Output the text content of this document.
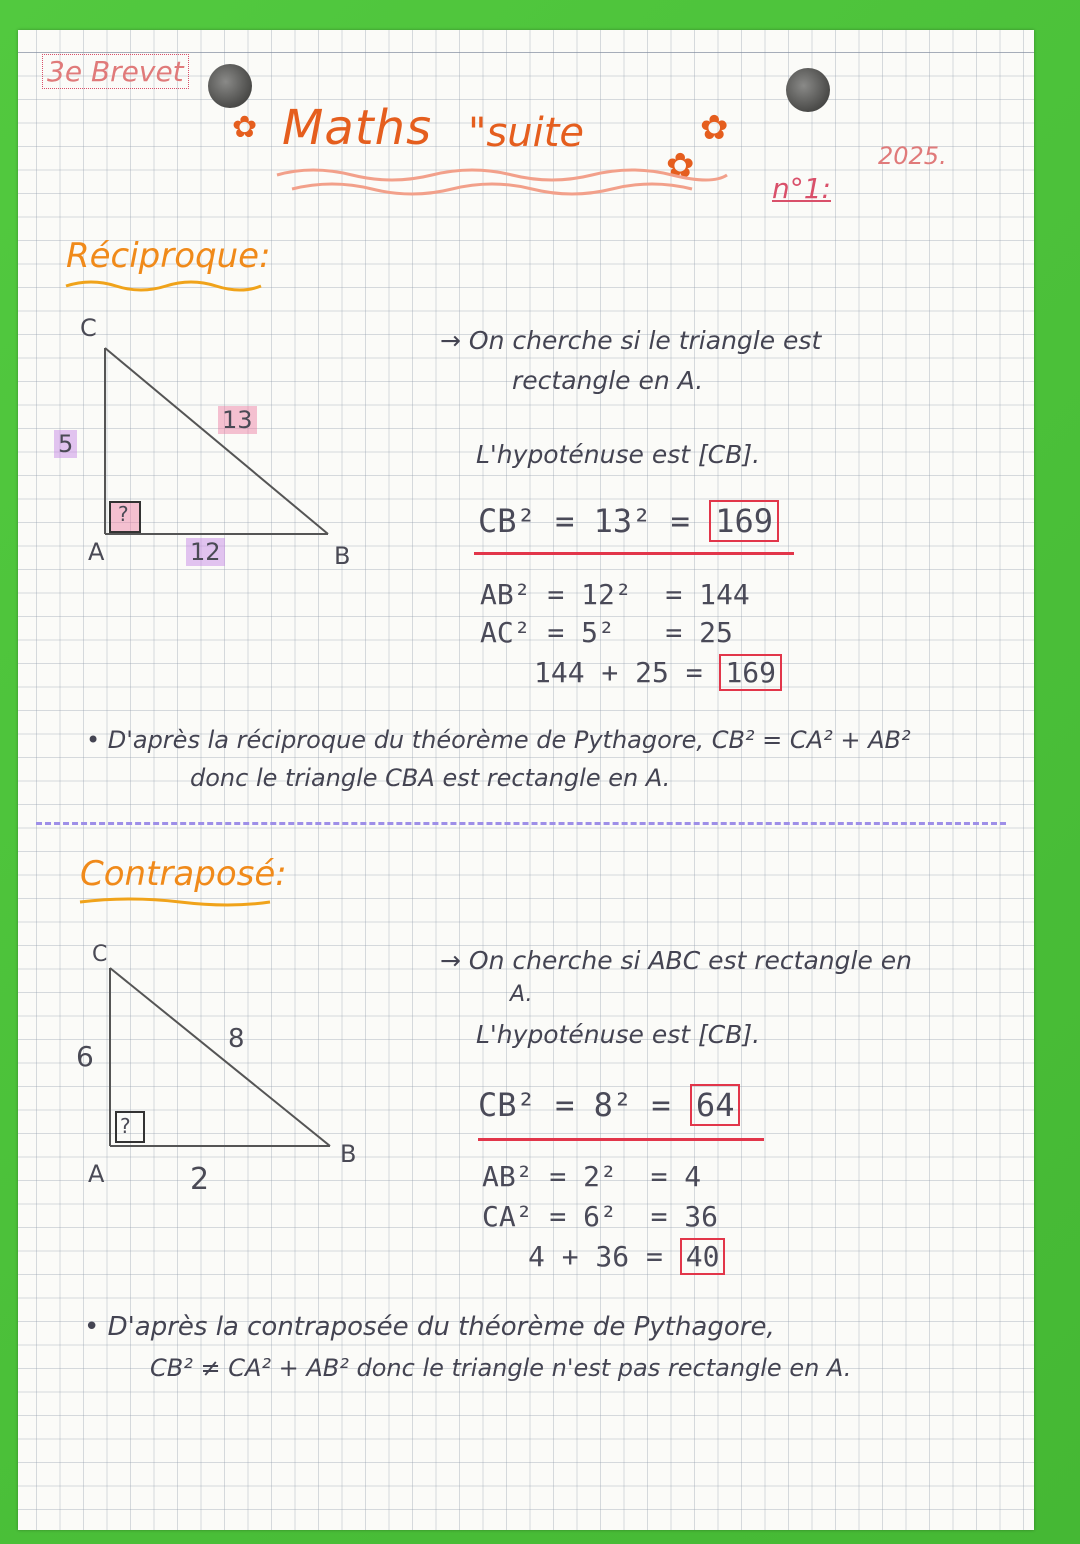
3e Brevet
✿ Maths "suite	✿
✿	2025.
n°1:
Réciproque:
C
A	B
5
13
12
?
→ On cherche si le triangle est
rectangle en A.
L'hypoténuse est [CB].
CB² = 13² = 169
AB² = 12²  = 144
AC² = 5²   = 25
144 + 25 = 169
• D'après la réciproque du théorème de Pythagore, CB² = CA² + AB²
donc le triangle CBA est rectangle en A.
Contraposé:
C
A
B
6
8
2
?
→ On cherche si ABC est rectangle en
A.
L'hypoténuse est [CB].
CB² = 8² = 64
AB² = 2²  = 4
CA² = 6²  = 36
4 + 36 = 40
• D'après la contraposée du théorème de Pythagore,
CB² ≠ CA² + AB² donc le triangle n'est pas rectangle en A.
